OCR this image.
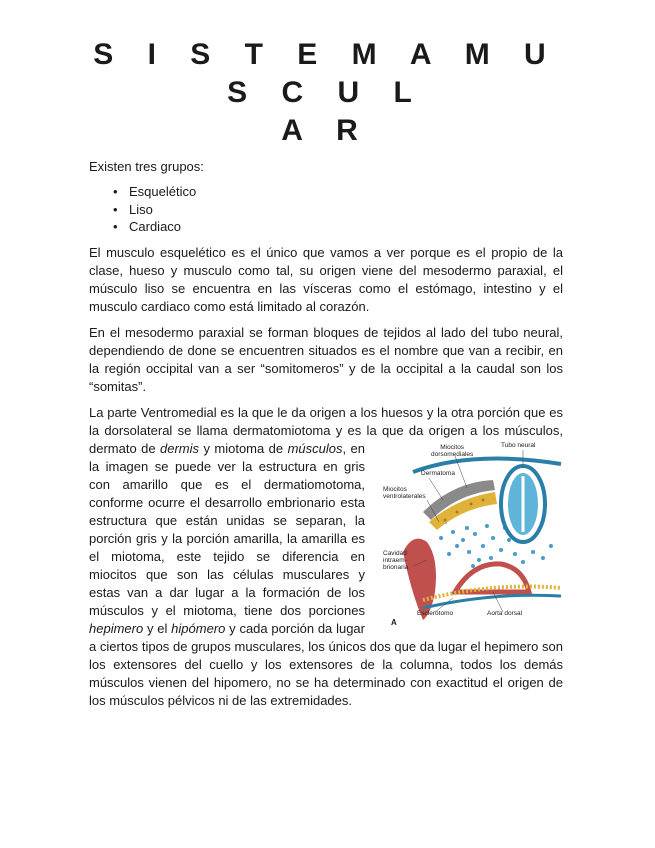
S I S T E M A M U S C U L
A R

Existen tres grupos:

• Esquelético
• Liso
• Cardiaco

El musculo esquelético es el único que vamos a ver porque es el propio de la clase, hueso y musculo como tal, su origen viene del mesodermo paraxial, el músculo liso se encuentra en las vísceras como el estómago, intestino y el musculo cardiaco como está limitado al corazón.

En el mesodermo paraxial se forman bloques de tejidos al lado del tubo neural, dependiendo de done se encuentren situados es el nombre que van a recibir, en la región occipital van a ser “somitomeros” y de la occipital a la caudal son los “somitas”.

La parte Ventromedial es la que le da origen a los huesos y la otra porción que es la dorsolateral se llama dermatomiotoma y es la que da origen a los músculos, dermato de	Miocitos
dorsomediales
Tubo neural
Dermatoma
Miocitos
ventrolaterales
Cavidad
intraem-
brionaria
Esclerotomo	Aorta dorsal
A
dermis y miotoma de músculos, en la imagen se puede ver la estructura en gris con amarillo que es el dermatiomotoma, conforme ocurre el desarrollo embrionario esta estructura que están unidas se separan, la porción gris y la porción amarilla, la amarilla es el miotoma, este tejido se diferencia en miocitos que son las células musculares y estas van a dar lugar a la formación de los músculos y el miotoma, tiene dos porciones hepimero y el hipómero y cada porción da lugar a ciertos tipos de grupos musculares, los únicos dos que da lugar el hepimero son los extensores del cuello y los extensores de la columna, todos los demás músculos vienen del hipomero, no se ha determinado con exactitud el origen de los músculos pélvicos ni de las extremidades.
